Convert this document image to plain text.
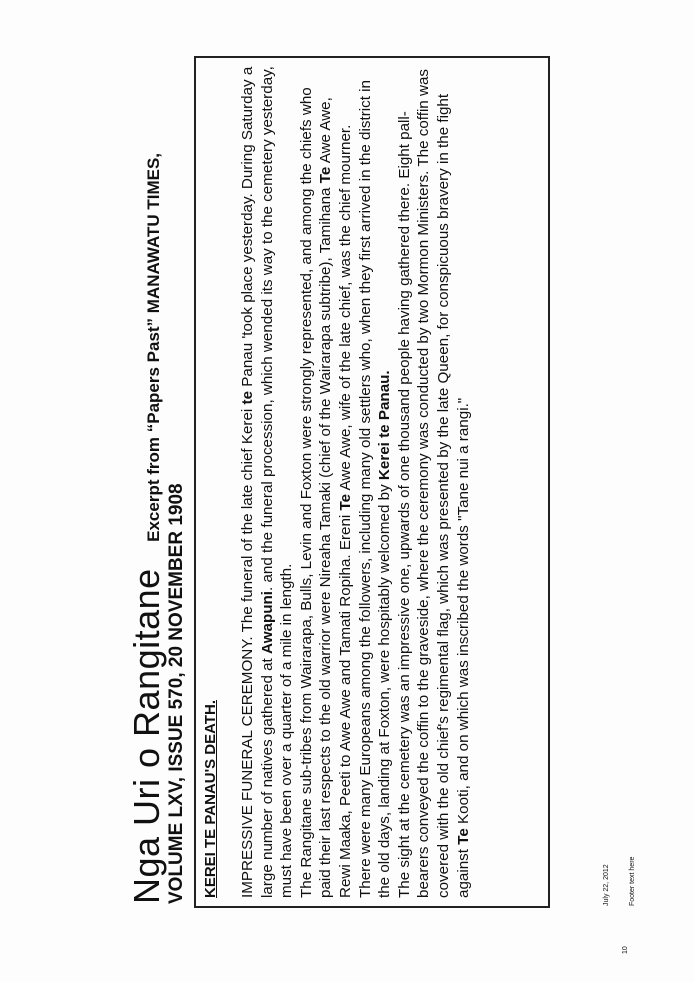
Nga Uri o Rangitane Excerpt from “Papers Past” MANAWATU TIMES,
VOLUME LXV, ISSUE 570, 20 NOVEMBER 1908 KEREI TE PANAU'S DEATH. IMPRESSIVE FUNERAL CEREMONY. The funeral of the late chief Kerei te Panau 'took place yesterday. During Saturday a large number of natives gathered at Awapuni. and the funeral procession, which wended its way to the cemetery yesterday, must have been over a quarter of a mile in length. The Rangitane sub-tribes from Wairarapa, Bulls, Levin and Foxton were strongly represented, and among the chiefs who paid their last respects to the old warrior were Nireaha Tamaki (chief of the Wairarapa subtribe), Tamihana Te Awe Awe, Rewi Maaka, Peeti to Awe Awe and Tamati Ropiha. Ereni Te Awe Awe, wife of the late chief, was the chief mourner. There were many Europeans among the followers, including many old settlers who, when they first arrived in the district in the old days, landing at Foxton, were hospitably welcomed by Kerei te Panau. The sight at the cemetery was an impressive one, upwards of one thousand people having gathered there. Eight pall-bearers conveyed the coffin to the graveside, where the ceremony was conducted by two Mormon Ministers. The coffin was covered with the old chief's regimental flag, which was presented by the late Queen, for conspicuous bravery in the fight against Te Kooti, and on which was inscribed the words "Tane nui a rangi."

July 22, 2012	Footer text here
10
